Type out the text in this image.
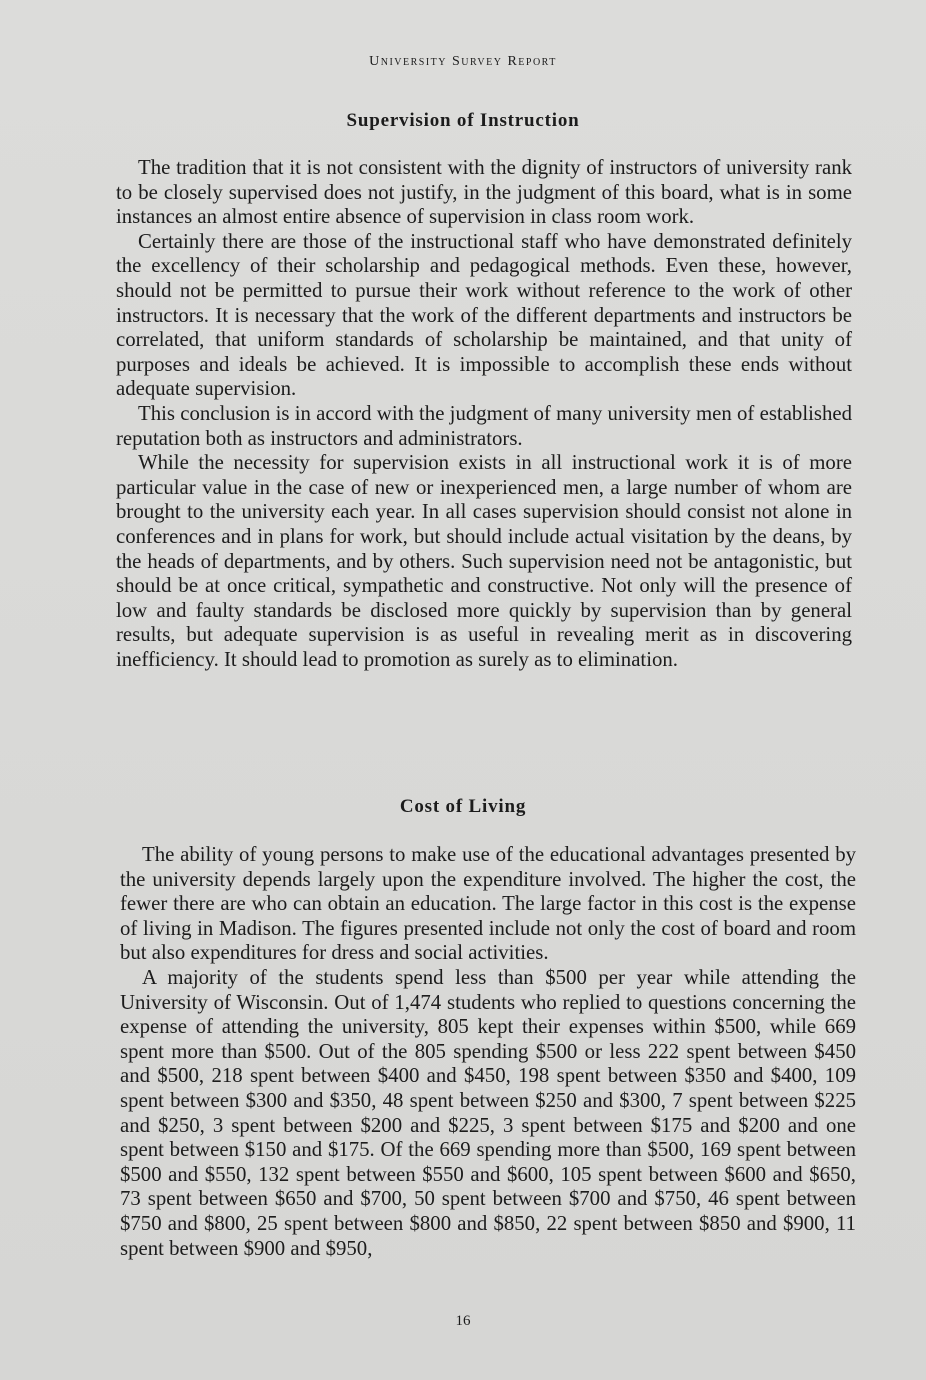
University Survey Report
Supervision of Instruction

The tradition that it is not consistent with the dignity of instructors of university rank to be closely supervised does not justify, in the judgment of this board, what is in some instances an almost entire absence of supervision in class room work.

Certainly there are those of the instructional staff who have demonstrated definitely the excellency of their scholarship and pedagogical methods. Even these, however, should not be permitted to pursue their work without reference to the work of other instructors. It is necessary that the work of the different departments and instructors be correlated, that uniform standards of scholarship be maintained, and that unity of purposes and ideals be achieved. It is impossible to accomplish these ends without adequate supervision.

This conclusion is in accord with the judgment of many university men of established reputation both as instructors and administrators.

While the necessity for supervision exists in all instructional work it is of more particular value in the case of new or inexperienced men, a large number of whom are brought to the university each year. In all cases supervision should consist not alone in conferences and in plans for work, but should include actual visitation by the deans, by the heads of departments, and by others. Such supervision need not be antagonistic, but should be at once critical, sympathetic and constructive. Not only will the presence of low and faulty standards be disclosed more quickly by supervision than by general results, but adequate supervision is as useful in revealing merit as in discovering inefficiency. It should lead to promotion as surely as to elimination.

Cost of Living

The ability of young persons to make use of the educational advantages presented by the university depends largely upon the expenditure involved. The higher the cost, the fewer there are who can obtain an education. The large factor in this cost is the expense of living in Madison. The figures presented include not only the cost of board and room but also expenditures for dress and social activities.

A majority of the students spend less than $500 per year while attending the University of Wisconsin. Out of 1,474 students who replied to questions concerning the expense of attending the university, 805 kept their expenses within $500, while 669 spent more than $500. Out of the 805 spending $500 or less 222 spent between $450 and $500, 218 spent between $400 and $450, 198 spent between $350 and $400, 109 spent between $300 and $350, 48 spent between $250 and $300, 7 spent between $225 and $250, 3 spent between $200 and $225, 3 spent between $175 and $200 and one spent between $150 and $175. Of the 669 spending more than $500, 169 spent between $500 and $550, 132 spent between $550 and $600, 105 spent between $600 and $650, 73 spent between $650 and $700, 50 spent between $700 and $750, 46 spent between $750 and $800, 25 spent between $800 and $850, 22 spent between $850 and $900, 11 spent between $900 and $950,

16
